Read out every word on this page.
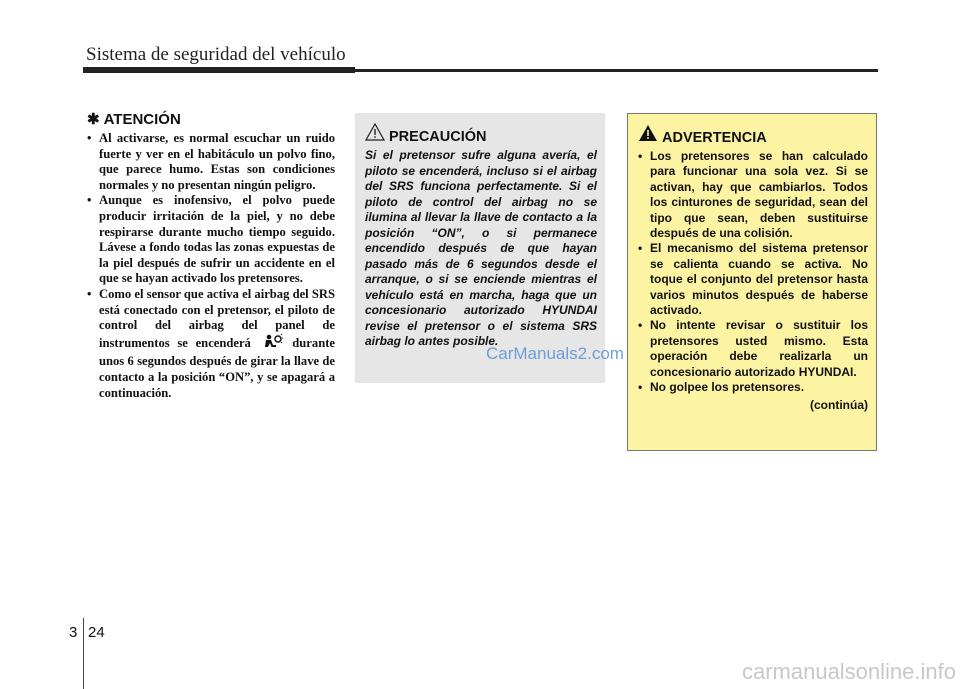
Sistema de seguridad del vehículo
✱ ATENCIÓN
• Al activarse, es normal escuchar un ruido fuerte y ver en el habitáculo un polvo fino, que parece humo. Estas son condiciones normales y no presentan ningún peligro.
• Aunque es inofensivo, el polvo puede producir irritación de la piel, y no debe respirarse durante mucho tiempo seguido. Lávese a fondo todas las zonas expuestas de la piel después de sufrir un accidente en el que se hayan activado los pretensores.
• Como el sensor que activa el airbag del SRS está conectado con el pretensor, el piloto de control del airbag del panel de instrumentos se encenderá	durante unos 6 segundos después de girar la llave de contacto a la posición “ON”, y se apagará a continuación.
PRECAUCIÓN

Si el pretensor sufre alguna avería, el piloto se encenderá, incluso si el airbag del SRS funciona perfectamente. Si el piloto de control del airbag no se ilumina al llevar la llave de contacto a la posición “ON”, o si permanece encendido después de que hayan pasado más de 6 segundos desde el arranque, o si se enciende mientras el vehículo está en marcha, haga que un concesionario autorizado HYUNDAI revise el pretensor o el sistema SRS airbag lo antes posible.

ADVERTENCIA
• Los pretensores se han calculado para funcionar una sola vez. Si se activan, hay que cambiarlos. Todos los cinturones de seguridad, sean del tipo que sean, deben sustituirse después de una colisión.
• El mecanismo del sistema pretensor se calienta cuando se activa. No toque el conjunto del pretensor hasta varios minutos después de haberse activado.
• No intente revisar o sustituir los pretensores usted mismo. Esta operación debe realizarla un concesionario autorizado HYUNDAI.
• No golpee los pretensores.
(continúa)
CarManuals2.com
3 24
carmanualsonline.info
